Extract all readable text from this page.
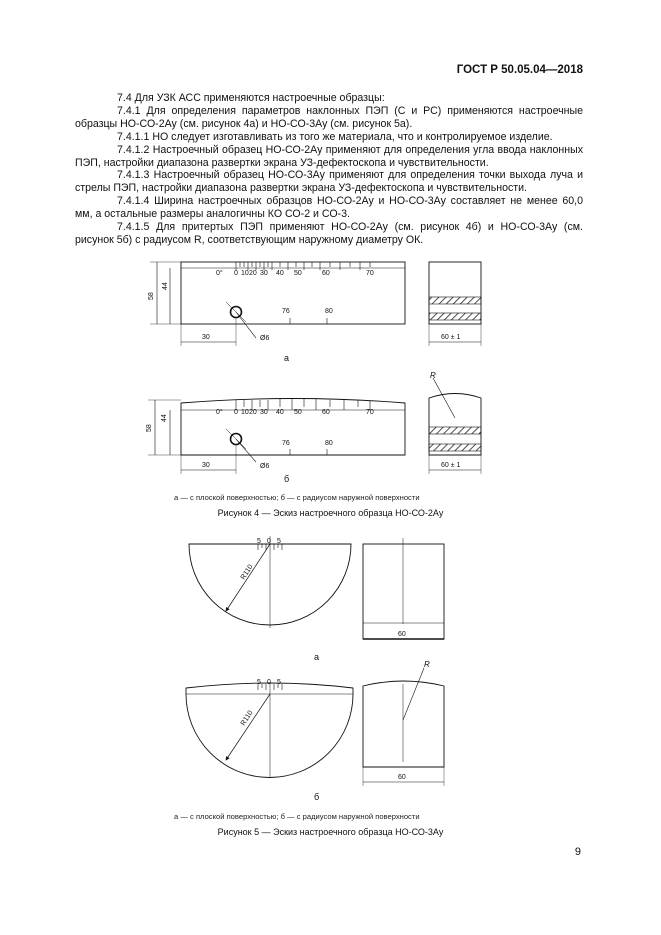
ГОСТ Р 50.05.04—2018

7.4 Для УЗК АСС применяются настроечные образцы:

7.4.1 Для определения параметров наклонных ПЭП (С и РС) применяются настроечные образцы НО-СО-2Ау (см. рисунок 4а) и НО-СО-3Ау (см. рисунок 5а).

7.4.1.1 НО следует изготавливать из того же материала, что и контролируемое изделие.

7.4.1.2 Настроечный образец НО-СО-2Ау применяют для определения угла ввода наклонных ПЭП, настройки диапазона развертки экрана УЗ-дефектоскопа и чувствительности.

7.4.1.3 Настроечный образец НО-СО-3Ау применяют для определения точки выхода луча и стрелы ПЭП, настройки диапазона развертки экрана УЗ-дефектоскопа и чувствительности.

7.4.1.4 Ширина настроечных образцов НО-СО-2Ау и НО-СО-3Ау составляет не менее 60,0 мм, а остальные размеры аналогичны КО СО-2 и СО-3.

7.4.1.5 Для притертых ПЭП применяют НО-СО-2Ау (см. рисунок 4б) и НО-СО-3Ау (см. рисунок 5б) с радиусом R, соответствующим наружному диаметру ОК.

0° 0 10 20 30 40 50	60	70
76	80
58
44
30	Ø6	60 ± 1
а
0° 0 10 20 30 40 50	60	70
76	80
58
44
30	Ø6	60 ± 1
R
б
5 0 5
R110
60
а
5 0 5
R110
60
R
б
а — с плоской поверхностью; б — с радиусом наружной поверхности
Рисунок 4 — Эскиз настроечного образца НО-СО-2Ау
а — с плоской поверхностью; б — с радиусом наружной поверхности
Рисунок 5 — Эскиз настроечного образца НО-СО-3Ау
9
